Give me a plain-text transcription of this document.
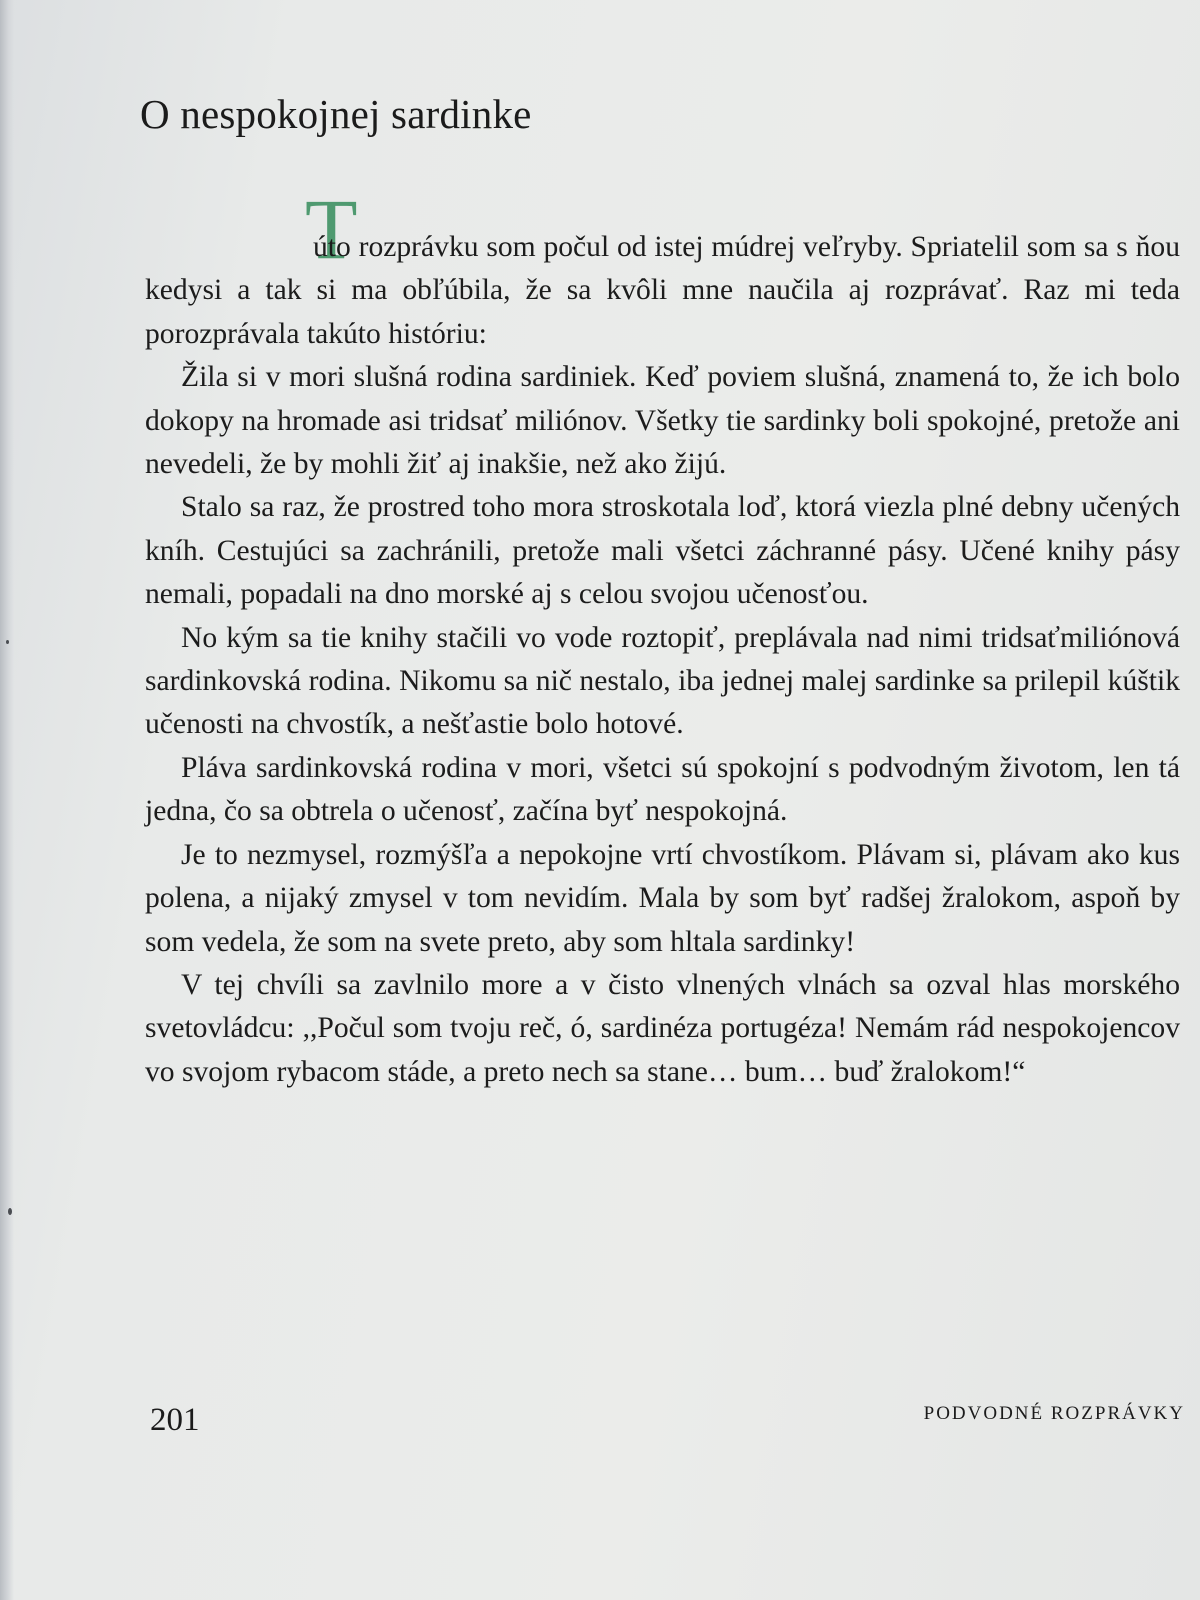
O nespokojnej sardinke
T

úto rozprávku som počul od istej múdrej veľryby. Spriatelil som sa s ňou kedysi a tak si ma obľúbila, že sa kvôli mne naučila aj rozprávať. Raz mi teda porozprávala takúto históriu:

Žila si v mori slušná rodina sardiniek. Keď poviem slušná, znamená to, že ich bolo dokopy na hromade asi tridsať miliónov. Všetky tie sardinky boli spokojné, pretože ani nevedeli, že by mohli žiť aj inakšie, než ako žijú.

Stalo sa raz, že prostred toho mora stroskotala loď, ktorá viezla plné debny učených kníh. Cestujúci sa zachránili, pretože mali všetci záchranné pásy. Učené knihy pásy nemali, popadali na dno morské aj s celou svojou učenosťou.

No kým sa tie knihy stačili vo vode roztopiť, preplávala nad nimi tridsaťmiliónová sardinkovská rodina. Nikomu sa nič nestalo, iba jednej malej sardinke sa prilepil kúštik učenosti na chvostík, a nešťastie bolo hotové.

Pláva sardinkovská rodina v mori, všetci sú spokojní s podvodným životom, len tá jedna, čo sa obtrela o učenosť, začína byť nespokojná.

Je to nezmysel, rozmýšľa a nepokojne vrtí chvostíkom. Plávam si, plávam ako kus polena, a nijaký zmysel v tom nevidím. Mala by som byť radšej žralokom, aspoň by som vedela, že som na svete preto, aby som hltala sardinky!

V tej chvíli sa zavlnilo more a v čisto vlnených vlnách sa ozval hlas morského svetovládcu: ,,Počul som tvoju reč, ó, sardinéza portugéza! Nemám rád nespokojencov vo svojom rybacom stáde, a preto nech sa stane… bum… buď žralokom!“

201	PODVODNÉ ROZPRÁVKY
